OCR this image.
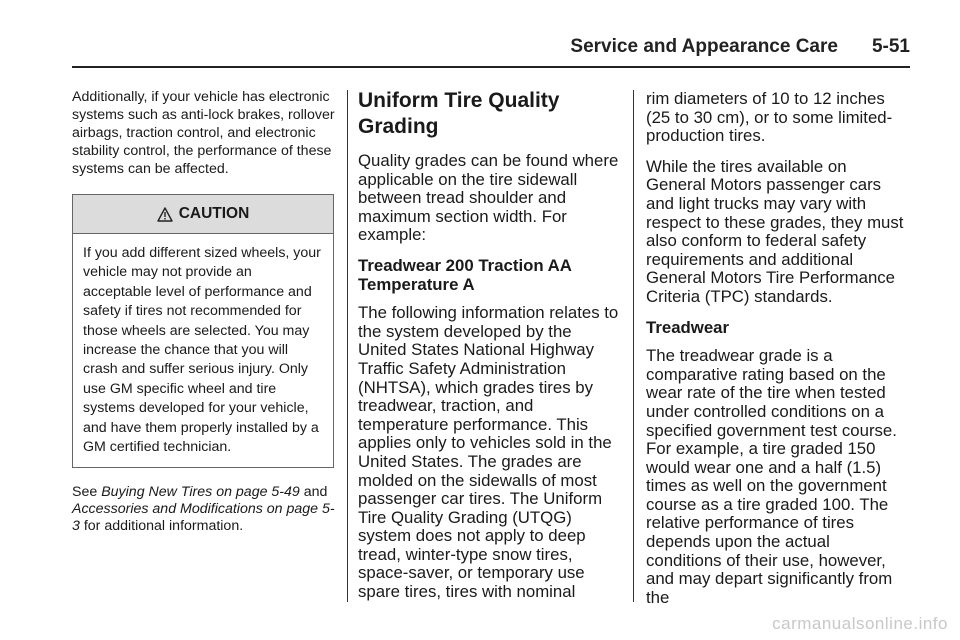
Service and Appearance Care 5-51

Additionally, if your vehicle has electronic systems such as anti-lock brakes, rollover airbags, traction control, and electronic stability control, the performance of these systems can be affected.

CAUTION
If you add different sized wheels, your vehicle may not provide an acceptable level of performance and safety if tires not recommended for those wheels are selected. You may increase the chance that you will crash and suffer serious injury. Only use GM specific wheel and tire systems developed for your vehicle, and have them properly installed by a GM certified technician.
See Buying New Tires on page 5-49 and Accessories and Modifications on page 5-3 for additional information.
Uniform Tire Quality Grading

Quality grades can be found where applicable on the tire sidewall between tread shoulder and maximum section width. For example:

Treadwear 200 Traction AA Temperature A

The following information relates to the system developed by the United States National Highway Traffic Safety Administration (NHTSA), which grades tires by treadwear, traction, and temperature performance. This applies only to vehicles sold in the United States. The grades are molded on the sidewalls of most passenger car tires. The Uniform Tire Quality Grading (UTQG) system does not apply to deep tread, winter-type snow tires, space-saver, or temporary use spare tires, tires with nominal

rim diameters of 10 to 12 inches (25 to 30 cm), or to some limited-production tires.

While the tires available on General Motors passenger cars and light trucks may vary with respect to these grades, they must also conform to federal safety requirements and additional General Motors Tire Performance Criteria (TPC) standards.

Treadwear

The treadwear grade is a comparative rating based on the wear rate of the tire when tested under controlled conditions on a specified government test course. For example, a tire graded 150 would wear one and a half (1.5) times as well on the government course as a tire graded 100. The relative performance of tires depends upon the actual conditions of their use, however, and may depart significantly from the

carmanualsonline.info
